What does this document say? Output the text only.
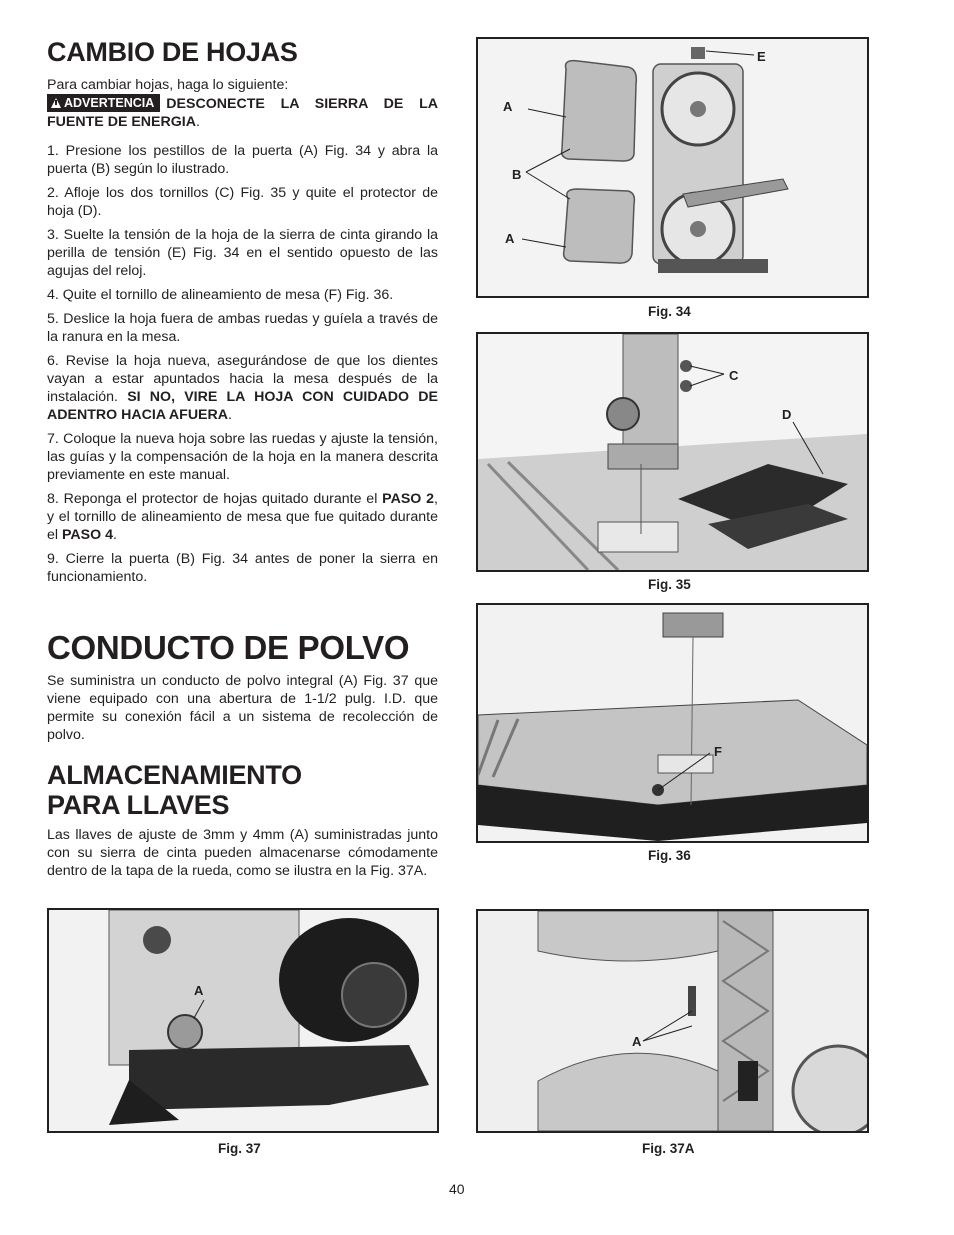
CAMBIO DE HOJAS

Para cambiar hojas, haga lo siguiente:

ADVERTENCIA DESCONECTE LA SIERRA DE LA FUENTE DE ENERGIA.

1. Presione los pestillos de la puerta (A) Fig. 34 y abra la puerta (B) según lo ilustrado.

2. Afloje los dos tornillos (C) Fig. 35 y quite el protector de hoja (D).

3. Suelte la tensión de la hoja de la sierra de cinta girando la perilla de tensión (E) Fig. 34 en el sentido opuesto de las agujas del reloj.

4. Quite el tornillo de alineamiento de mesa (F) Fig. 36.

5. Deslice la hoja fuera de ambas ruedas y guíela a través de la ranura en la mesa.

6. Revise la hoja nueva, asegurándose de que los dientes vayan a estar apuntados hacia la mesa después de la instalación. SI NO, VIRE LA HOJA CON CUIDADO DE ADENTRO HACIA AFUERA.

7. Coloque la nueva hoja sobre las ruedas y ajuste la tensión, las guías y la compensación de la hoja en la manera descrita previamente en este manual.

8. Reponga el protector de hojas quitado durante el PASO 2, y el tornillo de alineamiento de mesa que fue quitado durante el PASO 4.

9. Cierre la puerta (B) Fig. 34 antes de poner la sierra en funcionamiento.

CONDUCTO DE POLVO

Se suministra un conducto de polvo integral (A) Fig. 37 que viene equipado con una abertura de 1-1/2 pulg. I.D. que permite su conexión fácil a un sistema de recolección de polvo.

ALMACENAMIENTO
PARA LLAVES

Las llaves de ajuste de 3mm y 4mm (A) suministradas junto con su sierra de cinta pueden almacenarse cómodamente dentro de la tapa de la rueda, como se ilustra en la Fig. 37A.

A
B
A
E
Fig. 34
C
D
Fig. 35
F
Fig. 36
A
Fig. 37
A
Fig. 37A
40
